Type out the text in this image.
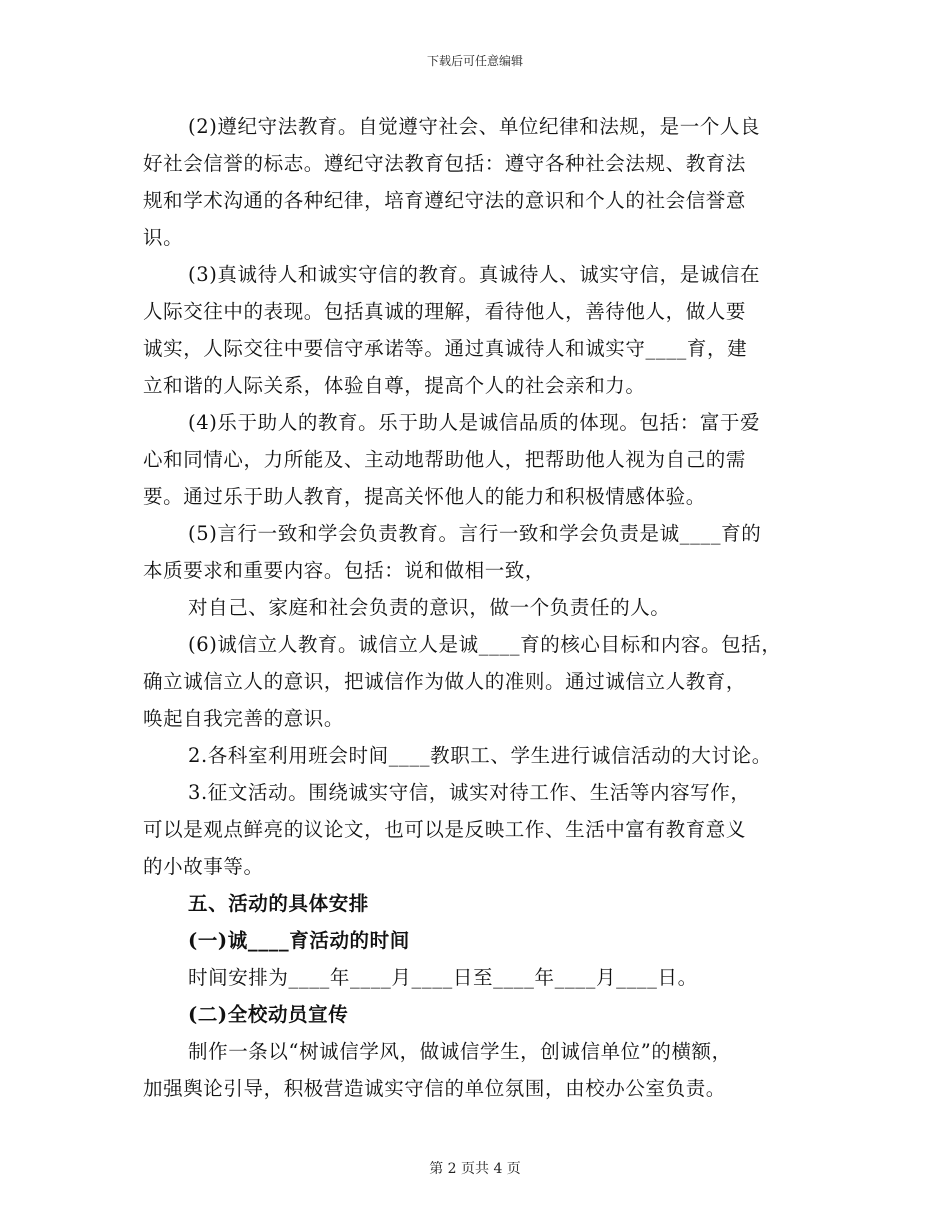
下载后可任意编辑
(2)遵纪守法教育。自觉遵守社会、单位纪律和法规，是一个人良
好社会信誉的标志。遵纪守法教育包括：遵守各种社会法规、教育法
规和学术沟通的各种纪律，培育遵纪守法的意识和个人的社会信誉意
识。
(3)真诚待人和诚实守信的教育。真诚待人、诚实守信，是诚信在
人际交往中的表现。包括真诚的理解，看待他人，善待他人，做人要
诚实，人际交往中要信守承诺等。通过真诚待人和诚实守____育，建
立和谐的人际关系，体验自尊，提高个人的社会亲和力。
(4)乐于助人的教育。乐于助人是诚信品质的体现。包括：富于爱
心和同情心，力所能及、主动地帮助他人，把帮助他人视为自己的需
要。通过乐于助人教育，提高关怀他人的能力和积极情感体验。
(5)言行一致和学会负责教育。言行一致和学会负责是诚____育的
本质要求和重要内容。包括：说和做相一致，
对自己、家庭和社会负责的意识，做一个负责任的人。
(6)诚信立人教育。诚信立人是诚____育的核心目标和内容。包括，
确立诚信立人的意识，把诚信作为做人的准则。通过诚信立人教育，
唤起自我完善的意识。
2.各科室利用班会时间____教职工、学生进行诚信活动的大讨论。
3.征文活动。围绕诚实守信，诚实对待工作、生活等内容写作，
可以是观点鲜亮的议论文，也可以是反映工作、生活中富有教育意义
的小故事等。
五、活动的具体安排
(一)诚____育活动的时间
时间安排为____年____月____日至____年____月____日。
(二)全校动员宣传
制作一条以“树诚信学风，做诚信学生，创诚信单位”的横额，
加强舆论引导，积极营造诚实守信的单位氛围，由校办公室负责。
第 2 页共 4 页
